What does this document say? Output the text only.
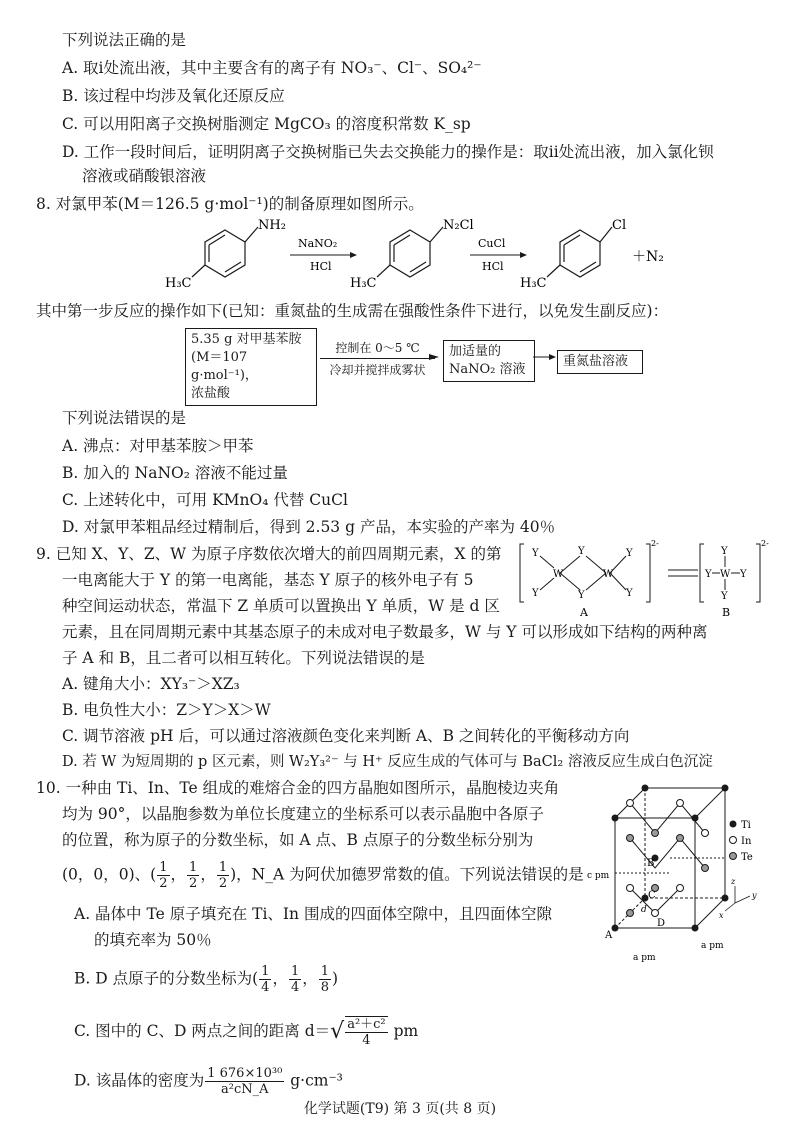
下列说法正确的是
A. 取ⅰ处流出液，其中主要含有的离子有 NO₃⁻、Cl⁻、SO₄²⁻
B. 该过程中均涉及氧化还原反应
C. 可以用阳离子交换树脂测定 MgCO₃ 的溶度积常数 K_sp
D. 工作一段时间后，证明阴离子交换树脂已失去交换能力的操作是：取ⅱ处流出液，加入氯化钡
溶液或硝酸银溶液
8. 对氯甲苯(M＝126.5 g·mol⁻¹)的制备原理如图所示。
NH₂
H₃C
NaNO₂
HCl
N₂Cl
H₃C
CuCl
HCl
Cl
H₃C
＋N₂
其中第一步反应的操作如下(已知：重氮盐的生成需在强酸性条件下进行，以免发生副反应)：
5.35 g 对甲基苯胺
(M＝107 g·mol⁻¹)，
浓盐酸
控制在 0～5 ℃
冷却并搅拌成雾状
加适量的
NaNO₂ 溶液
重氮盐溶液
下列说法错误的是
A. 沸点：对甲基苯胺＞甲苯
B. 加入的 NaNO₂ 溶液不能过量
C. 上述转化中，可用 KMnO₄ 代替 CuCl
D. 对氯甲苯粗品经过精制后，得到 2.53 g 产品，本实验的产率为 40％
9. 已知 X、Y、Z、W 为原子序数依次增大的前四周期元素，X 的第
一电离能大于 Y 的第一电离能，基态 Y 原子的核外电子有 5
种空间运动状态，常温下 Z 单质可以置换出 Y 单质，W 是 d 区
Y
Y
W
Y
Y
W
Y
Y
2-
A
Y
Y W Y
Y
2-
B
元素，且在同周期元素中其基态原子的未成对电子数最多，W 与 Y 可以形成如下结构的两种离
子 A 和 B，且二者可以相互转化。下列说法错误的是
A. 键角大小：XY₃⁻＞XZ₃
B. 电负性大小：Z＞Y＞X＞W
C. 调节溶液 pH 后，可以通过溶液颜色变化来判断 A、B 之间转化的平衡移动方向
D. 若 W 为短周期的 p 区元素，则 W₂Y₃²⁻ 与 H⁺ 反应生成的气体可与 BaCl₂ 溶液反应生成白色沉淀
10. 一种由 Ti、In、Te 组成的难熔合金的四方晶胞如图所示，晶胞棱边夹角
均为 90°，以晶胞参数为单位长度建立的坐标系可以表示晶胞中各原子
的位置，称为原子的分数坐标，如 A 点、B 点原子的分数坐标分别为
(0，0，0)、( $\frac{1}{2}$ ， $\frac{1}{2}$ ， $\frac{1}{2}$ )，N_A 为阿伏加德罗常数的值。下列说法错误的是
A. 晶体中 Te 原子填充在 Ti、In 围成的四面体空隙中，且四面体空隙
的填充率为 50％
B. D 点原子的分数坐标为( $\frac{1}{4}$ ， $\frac{1}{4}$ ， $\frac{1}{8}$ )
C. 图中的 C、D 两点之间的距离 $d=√ \frac{\text{a²＋c²}}{4}$ pm
D. 该晶体的密度为 $\frac{\text{1 676×10³⁰}}{\text{a²cN\_A}} g\cdot cm^{-3}$
A
B
C
D
d
c pm
a pm
a pm
Ti
In
Te
z
y
x
化学试题(T9) 第 3 页(共 8 页)
